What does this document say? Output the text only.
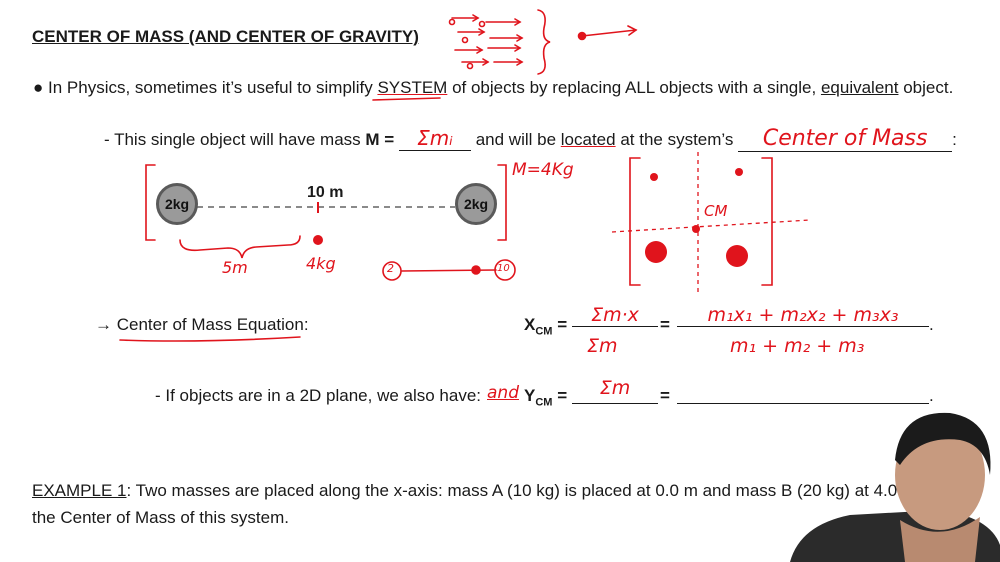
CENTER OF MASS (AND CENTER OF GRAVITY)
● In Physics, sometimes it’s useful to simplify SYSTEM of objects by replacing ALL objects with a single, equivalent object.
- This single object will have mass M = Σmᵢ and will be located at the system’s Center of Mass :
2kg	2kg
10 m
M=4Kg
5m	4kg	2	10
CM
→ Center of Mass Equation:	$X_{CM}$ =	Σm·x
Σm
=	m₁x₁ + m₂x₂ + m₃x₃	.
m₁ + m₂ + m₃
- If objects are in a 2D plane, we also have: and $Y_{CM}$ =	Σm	=	.
EXAMPLE 1: Two masses are placed along the x-axis: mass A (10 kg) is placed at 0.0 m and mass B (20 kg) at 4.0
the Center of Mass of this system.
